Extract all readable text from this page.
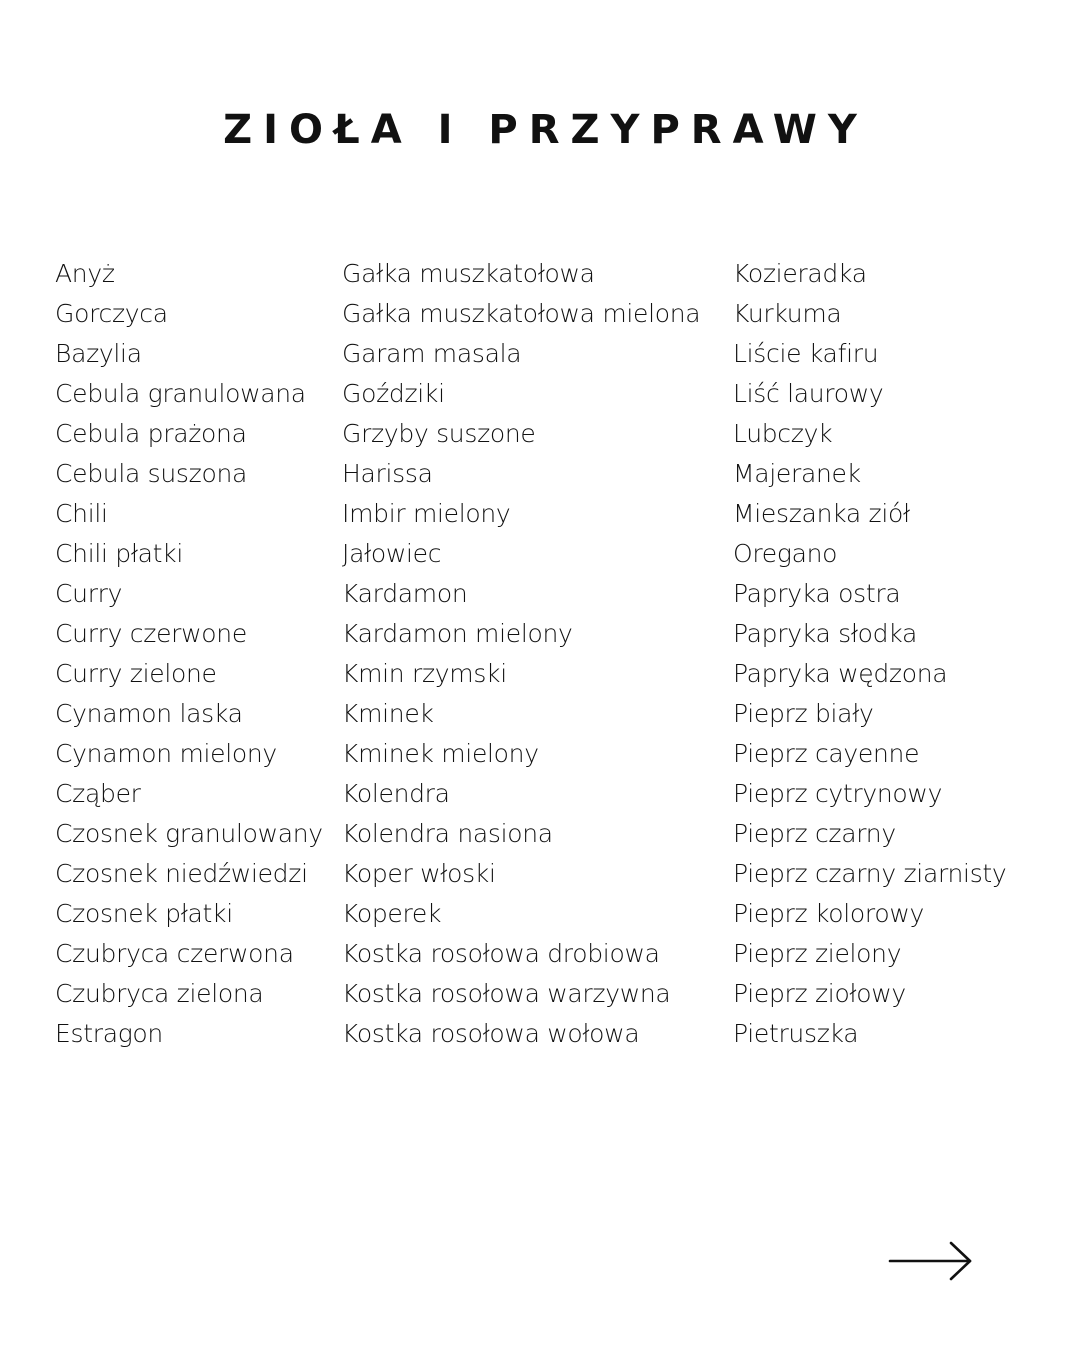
ZIOŁA I PRZYPRAWY
Anyż
Gorczyca
Bazylia
Cebula granulowana
Cebula prażona
Cebula suszona
Chili
Chili płatki
Curry
Curry czerwone
Curry zielone
Cynamon laska
Cynamon mielony
Cząber
Czosnek granulowany
Czosnek niedźwiedzi
Czosnek płatki
Czubryca czerwona
Czubryca zielona
Estragon
Gałka muszkatołowa
Gałka muszkatołowa mielona
Garam masala
Goździki
Grzyby suszone
Harissa
Imbir mielony
Jałowiec
Kardamon
Kardamon mielony
Kmin rzymski
Kminek
Kminek mielony
Kolendra
Kolendra nasiona
Koper włoski
Koperek
Kostka rosołowa drobiowa
Kostka rosołowa warzywna
Kostka rosołowa wołowa
Kozieradka
Kurkuma
Liście kafiru
Liść laurowy
Lubczyk
Majeranek
Mieszanka ziół
Oregano
Papryka ostra
Papryka słodka
Papryka wędzona
Pieprz biały
Pieprz cayenne
Pieprz cytrynowy
Pieprz czarny
Pieprz czarny ziarnisty
Pieprz kolorowy
Pieprz zielony
Pieprz ziołowy
Pietruszka
